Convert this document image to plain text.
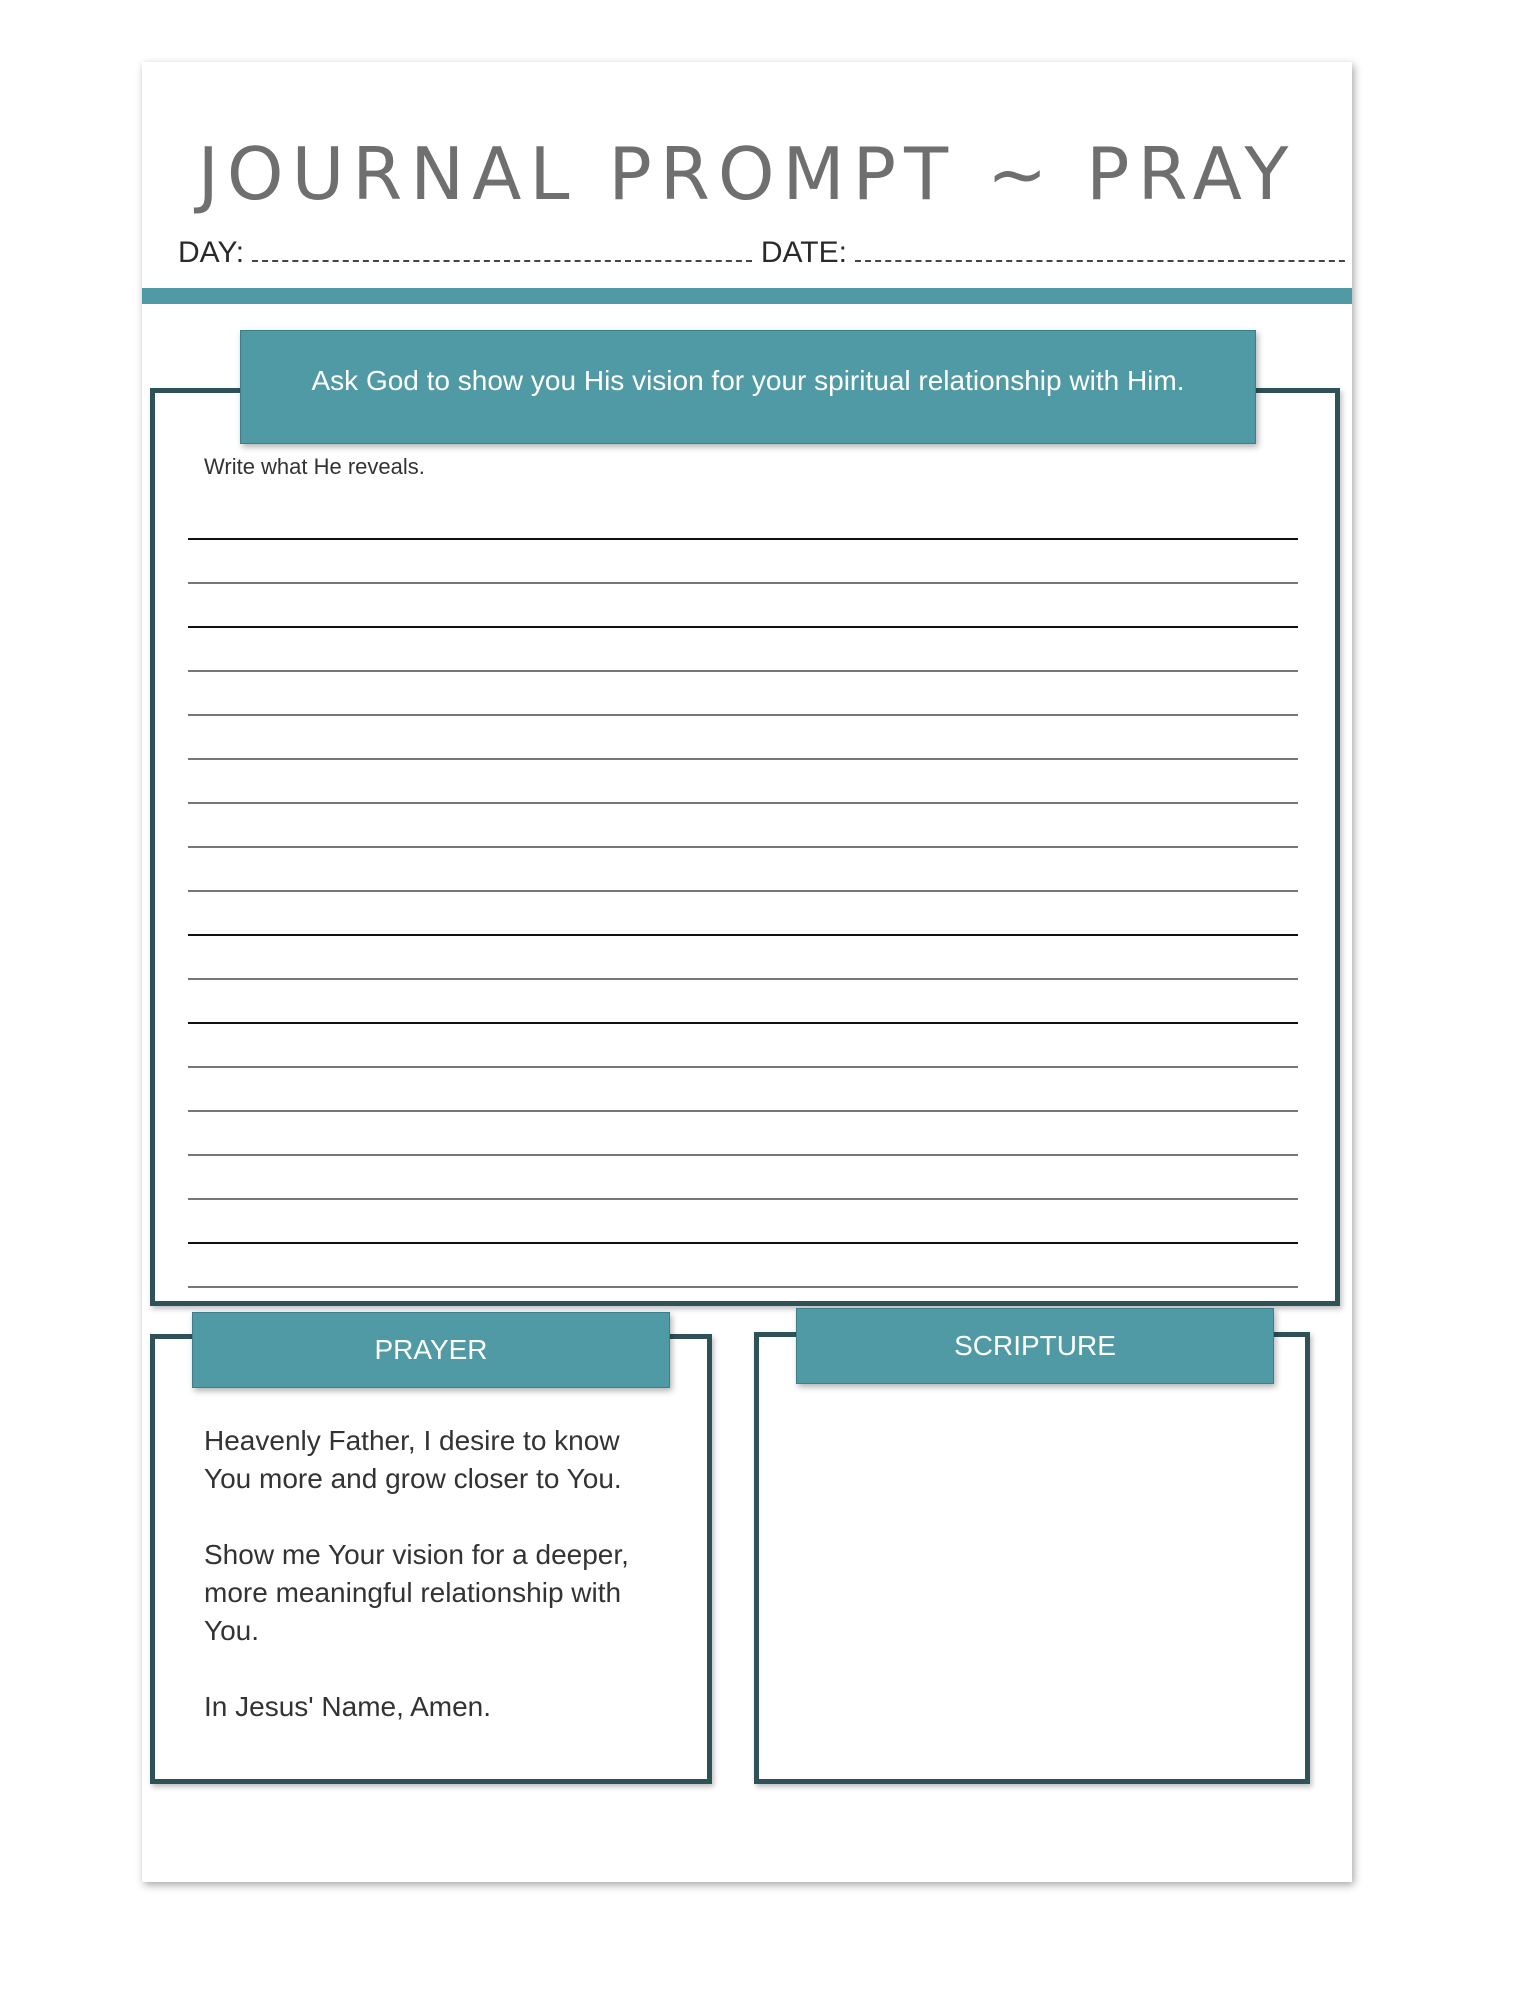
JOURNAL PROMPT ~ PRAY
DAY:	DATE:
Ask God to show you His vision for your spiritual relationship with Him.
Write what He reveals.
PRAYER

Heavenly Father, I desire to know You more and grow closer to You.

Show me Your vision for a deeper, more meaningful relationship with You.

In Jesus' Name, Amen.

SCRIPTURE
